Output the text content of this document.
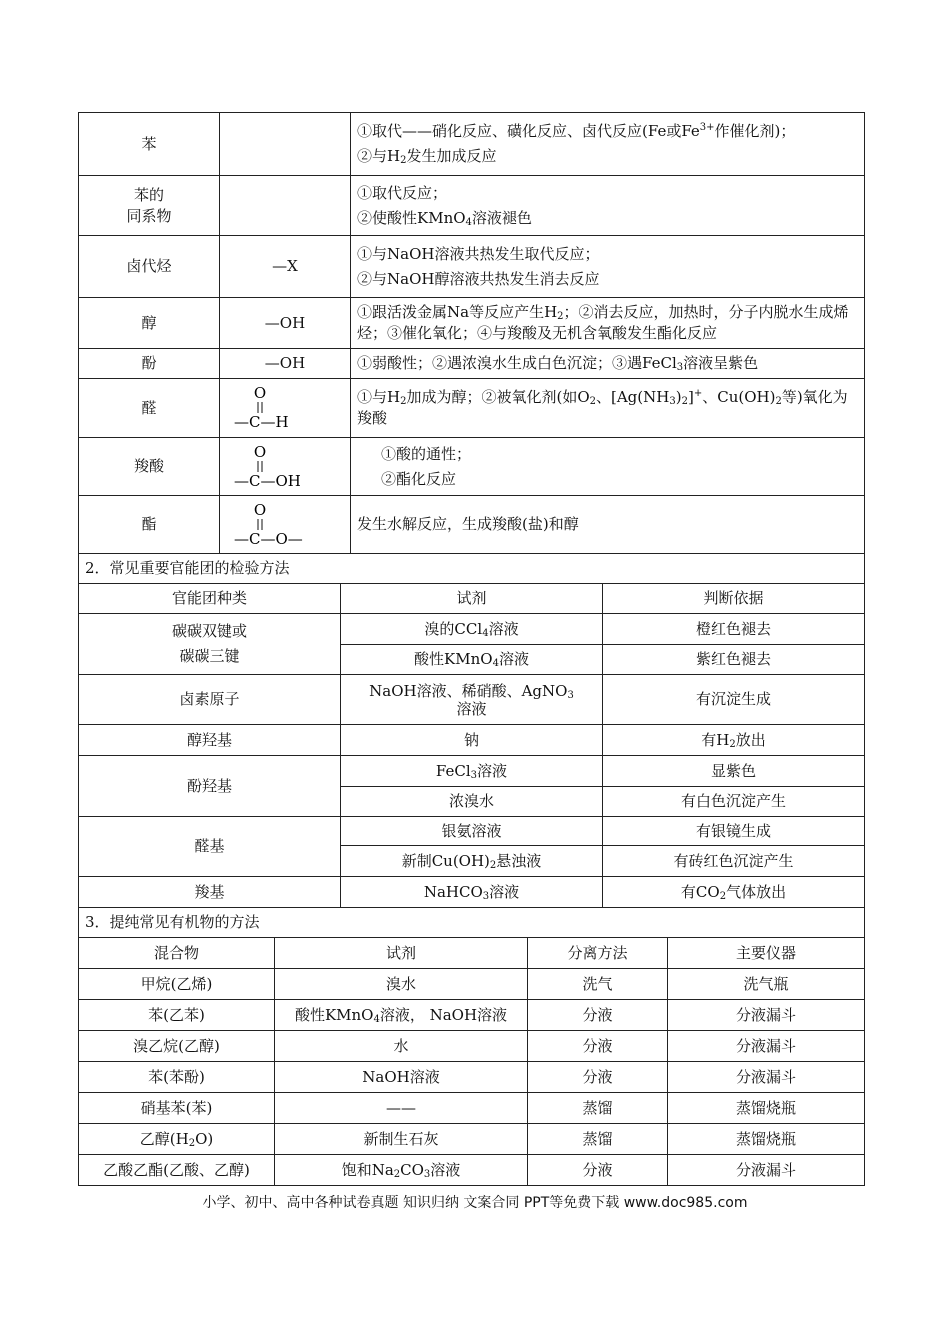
苯		①取代——硝化反应、磺化反应、卤代反应(Fe或$Fe^{3+}$作催化剂)；
②与$H_2$发生加成反应

苯的
同系物		①取代反应；
②使酸性KMnO$_4$溶液褪色

卤代烃	—X	①与NaOH溶液共热发生取代反应；
②与NaOH醇溶液共热发生消去反应

醇	—OH	①跟活泼金属Na等反应产生$H_2$；②消去反应，加热时，分子内脱水生成烯烃；③催化氧化；④与羧酸及无机含氧酸发生酯化反应

酚	—OH	①弱酸性；②遇浓溴水生成白色沉淀；③遇FeCl$_3$溶液呈紫色

醛	O
—C—H	①与$H_2$加成为醇；②被氧化剂(如$O_2$、$[Ag(NH_3)_2]^+$、$Cu(OH)_2$等)氧化为羧酸

羧酸	O
—C—OH	①酸的通性；
②酯化反应

酯	O
—C—O—	发生水解反应，生成羧酸(盐)和醇
2．常见重要官能团的检验方法		
官能团种类	试剂	判断依据

碳碳双键或
碳碳三键	溴的CCl$_4$溶液	橙红色褪去
	酸性KMnO$_4$溶液	紫红色褪去

卤素原子	NaOH溶液、稀硝酸、AgNO$_3$
溶液	有沉淀生成

醇羟基	钠	有$H_2$放出

酚羟基	FeCl$_3$溶液	显紫色
	浓溴水	有白色沉淀产生

醛基	银氨溶液	有银镜生成
	新制$Cu(OH)_2$悬浊液	有砖红色沉淀产生

羧基	NaHCO$_3$溶液	有$CO_2$气体放出
3．提纯常见有机物的方法			
混合物	试剂	分离方法	主要仪器
甲烷(乙烯)	溴水	洗气	洗气瓶
苯(乙苯)	酸性KMnO$_4$溶液， NaOH溶液	分液	分液漏斗
溴乙烷(乙醇)	水	分液	分液漏斗
苯(苯酚)	NaOH溶液	分液	分液漏斗
硝基苯(苯)	——	蒸馏	蒸馏烧瓶
乙醇$(H_2O)$	新制生石灰	蒸馏	蒸馏烧瓶
乙酸乙酯(乙酸、乙醇)	饱和$Na_2CO_3$溶液	分液	分液漏斗
小学、初中、高中各种试卷真题 知识归纳 文案合同 PPT等免费下载 www.doc985.com
